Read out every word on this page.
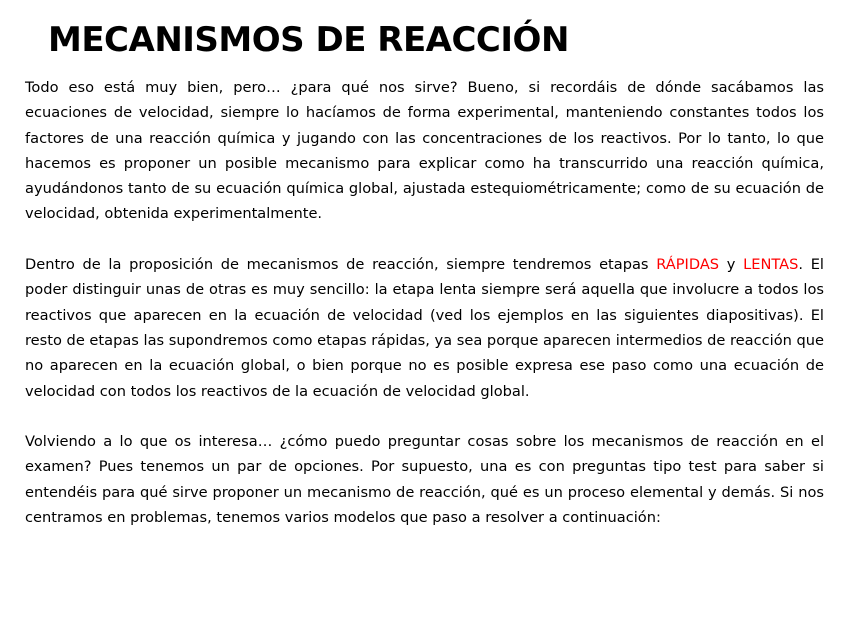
MECANISMOS DE REACCIÓN

Todo eso está muy bien, pero… ¿para qué nos sirve? Bueno, si recordáis de dónde sacábamos las ecuaciones de velocidad, siempre lo hacíamos de forma experimental, manteniendo constantes todos los factores de una reacción química y jugando con las concentraciones de los reactivos. Por lo tanto, lo que hacemos es proponer un posible mecanismo para explicar como ha transcurrido una reacción química, ayudándonos tanto de su ecuación química global, ajustada estequiométricamente; como de su ecuación de velocidad, obtenida experimentalmente.

Dentro de la proposición de mecanismos de reacción, siempre tendremos etapas RÁPIDAS y LENTAS. El poder distinguir unas de otras es muy sencillo: la etapa lenta siempre será aquella que involucre a todos los reactivos que aparecen en la ecuación de velocidad (ved los ejemplos en las siguientes diapositivas). El resto de etapas las supondremos como etapas rápidas, ya sea porque aparecen intermedios de reacción que no aparecen en la ecuación global, o bien porque no es posible expresa ese paso como una ecuación de velocidad con todos los reactivos de la ecuación de velocidad global.

Volviendo a lo que os interesa… ¿cómo puedo preguntar cosas sobre los mecanismos de reacción en el examen? Pues tenemos un par de opciones. Por supuesto, una es con preguntas tipo test para saber si entendéis para qué sirve proponer un mecanismo de reacción, qué es un proceso elemental y demás. Si nos centramos en problemas, tenemos varios modelos que paso a resolver a continuación:
